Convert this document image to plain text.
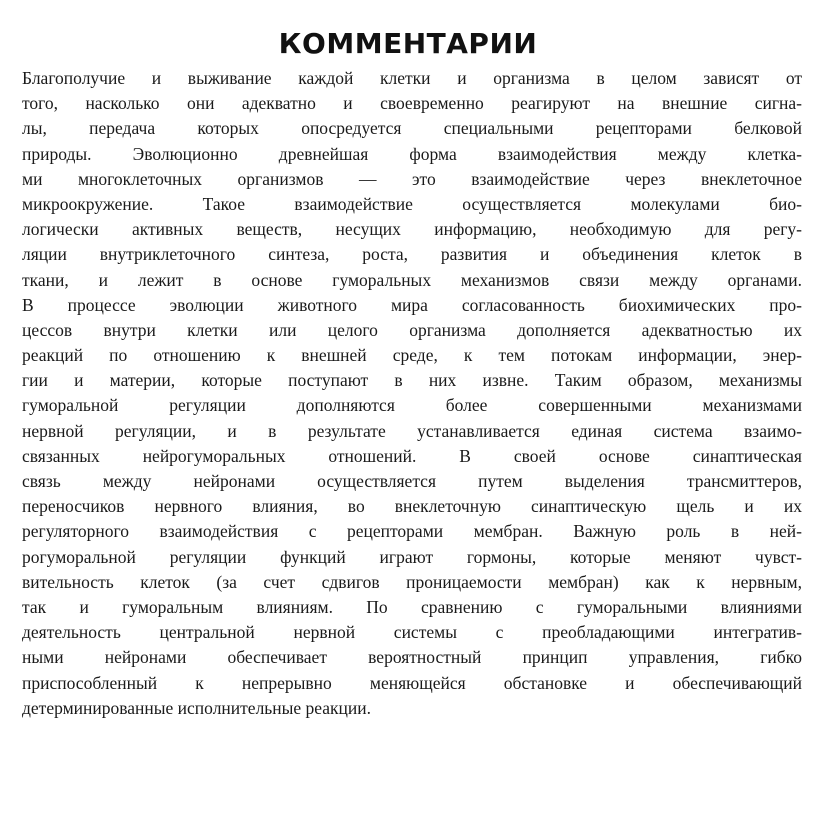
КОММЕНТАРИИ
Благополучие и выживание каждой клетки и организма в целом зависят от
того, насколько они адекватно и своевременно реагируют на внешние сигна-
лы, передача которых опосредуется специальными рецепторами белковой
природы. Эволюционно древнейшая форма взаимодействия между клетка-
ми многоклеточных организмов — это взаимодействие через внеклеточное
микроокружение. Такое взаимодействие осуществляется молекулами био-
логически активных веществ, несущих информацию, необходимую для регу-
ляции внутриклеточного синтеза, роста, развития и объединения клеток в
ткани, и лежит в основе гуморальных механизмов связи между органами.
В процессе эволюции животного мира согласованность биохимических про-
цессов внутри клетки или целого организма дополняется адекватностью их
реакций по отношению к внешней среде, к тем потокам информации, энер-
гии и материи, которые поступают в них извне. Таким образом, механизмы
гуморальной регуляции дополняются более совершенными механизмами
нервной регуляции, и в результате устанавливается единая система взаимо-
связанных нейрогуморальных отношений. В своей основе синаптическая
связь между нейронами осуществляется путем выделения трансмиттеров,
переносчиков нервного влияния, во внеклеточную синаптическую щель и их
регуляторного взаимодействия с рецепторами мембран. Важную роль в ней-
рогуморальной регуляции функций играют гормоны, которые меняют чувст-
вительность клеток (за счет сдвигов проницаемости мембран) как к нервным,
так и гуморальным влияниям. По сравнению с гуморальными влияниями
деятельность центральной нервной системы с преобладающими интегратив-
ными нейронами обеспечивает вероятностный принцип управления, гибко
приспособленный к непрерывно меняющейся обстановке и обеспечивающий
детерминированные исполнительные реакции.
